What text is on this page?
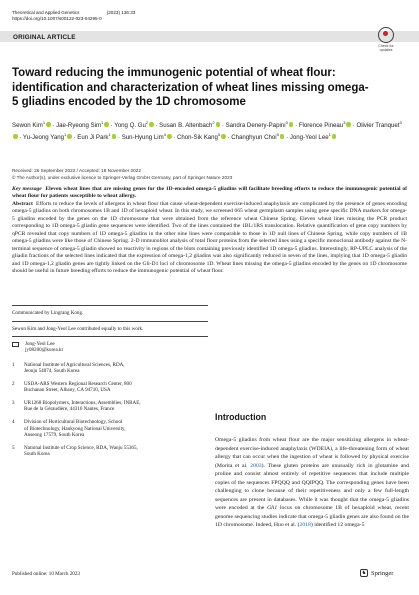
Theoretical and Applied Genetics	(2023) 136:33
https://doi.org/10.1007/s00122-023-04295-0
ORIGINAL ARTICLE
Check for
updates
Toward reducing the immunogenic potential of wheat flour: identification and characterization of wheat lines missing omega-5 gliadins encoded by the 1D chromosome
Sewon Kim$^1$ · Jae-Ryeong Sim$^1$ · Yong Q. $Gu^2$ · Susan B. Altenbach$^2$ · Sandra Denery-Papini$^3$ · Florence Pineau$^3$ · Olivier Tranquet$^3$ · Yu-Jeong Yang$^1$ · Eun Ji Park$^1$ · Sun-Hyung Lim$^4$ · Chon-Sik Kang$^5$ · Changhyun Choi$^5$ · Jong-Yeol Lee$^1$
Received: 26 September 2022 / Accepted: 18 November 2022
© The Author(s), under exclusive licence to Springer-Verlag GmbH Germany, part of Springer Nature 2023

Key message Eleven wheat lines that are missing genes for the 1D-encoded omega-5 gliadins will facilitate breeding efforts to reduce the immunogenic potential of wheat flour for patients susceptible to wheat allergy.
Abstract Efforts to reduce the levels of allergens in wheat flour that cause wheat-dependent exercise-induced anaphylaxis are complicated by the presence of genes encoding omega-5 gliadins on both chromosomes 1B and 1D of hexaploid wheat. In this study, we screened 665 wheat germplasm samples using gene specific DNA markers for omega-5 gliadins encoded by the genes on the 1D chromosome that were obtained from the reference wheat Chinese Spring. Eleven wheat lines missing the PCR product corresponding to 1D omega-5 gliadin gene sequences were identified. Two of the lines contained the 1BL/1RS translocation. Relative quantification of gene copy numbers by qPCR revealed that copy numbers of 1D omega-5 gliadins in the other nine lines were comparable to those in 1D null lines of Chinese Spring, while copy numbers of 1B omega-5 gliadins were like those of Chinese Spring. 2-D immunoblot analysis of total flour proteins from the selected lines using a specific monoclonal antibody against the N-terminal sequence of omega-5 gliadin showed no reactivity in regions of the blots containing previously identified 1D omega-5 gliadins. Interestingly, RP-UPLC analysis of the gliadin fractions of the selected lines indicated that the expression of omega-1,2 gliadins was also significantly reduced in seven of the lines, implying that 1D omega-5 gliadin and 1D omega-1,2 gliadin genes are tightly linked on the Gli-D1 loci of chromosome 1D. Wheat lines missing the omega-5 gliadins encoded by the genes on 1D chromosome should be useful in future breeding efforts to reduce the immunogenic potential of wheat flour.

Communicated by Lingrang Kong.
Sewon Kim and Jong-Yeol Lee contributed equally to this work.
Jong-Yeol Lee
jy08200@korea.kr
1 National Institute of Agricultural Sciences, RDA,
Jeonju 54874, South Korea
2 USDA-ARS Western Regional Research Center, 800
Buchanan Street, Albany, CA 94710, USA
3 UR1268 Biopolymers, Interactions, Assemblies, INRAE,
Rue de la Géraudière, 44316 Nantes, France
4 Division of Horticultural Biotechnology, School
of Biotechnology, Hankyong National University,
Anseong 17579, South Korea
5 National Institute of Crop Science, RDA, Wanju 55365,
South Korea
Published online: 10 March 2023
Introduction

Omega-5 gliadins from wheat flour are the major sensitizing allergens in wheat-dependent exercise-induced anaphylaxis (WDEIA), a life-threatening form of wheat allergy that can occur when the ingestion of wheat is followed by physical exercise (Morita et al. 2003). These gluten proteins are unusually rich in glutamine and proline and consist almost entirely of repetitive sequences that include multiple copies of the sequences FPQQQ and QQIPQQ. The corresponding genes have been challenging to clone because of their repetitiveness and only a few full-length sequences are present in databases. While it was thought that the omega-5 gliadins were encoded at the Gli1 locus on chromosome 1B of hexaploid wheat, recent genome sequencing studies indicate that omega-5 gliadin genes are also found on the 1D chromosome. Indeed, Huo et al. (2018) identified 12 omega-5

♞ Springer
